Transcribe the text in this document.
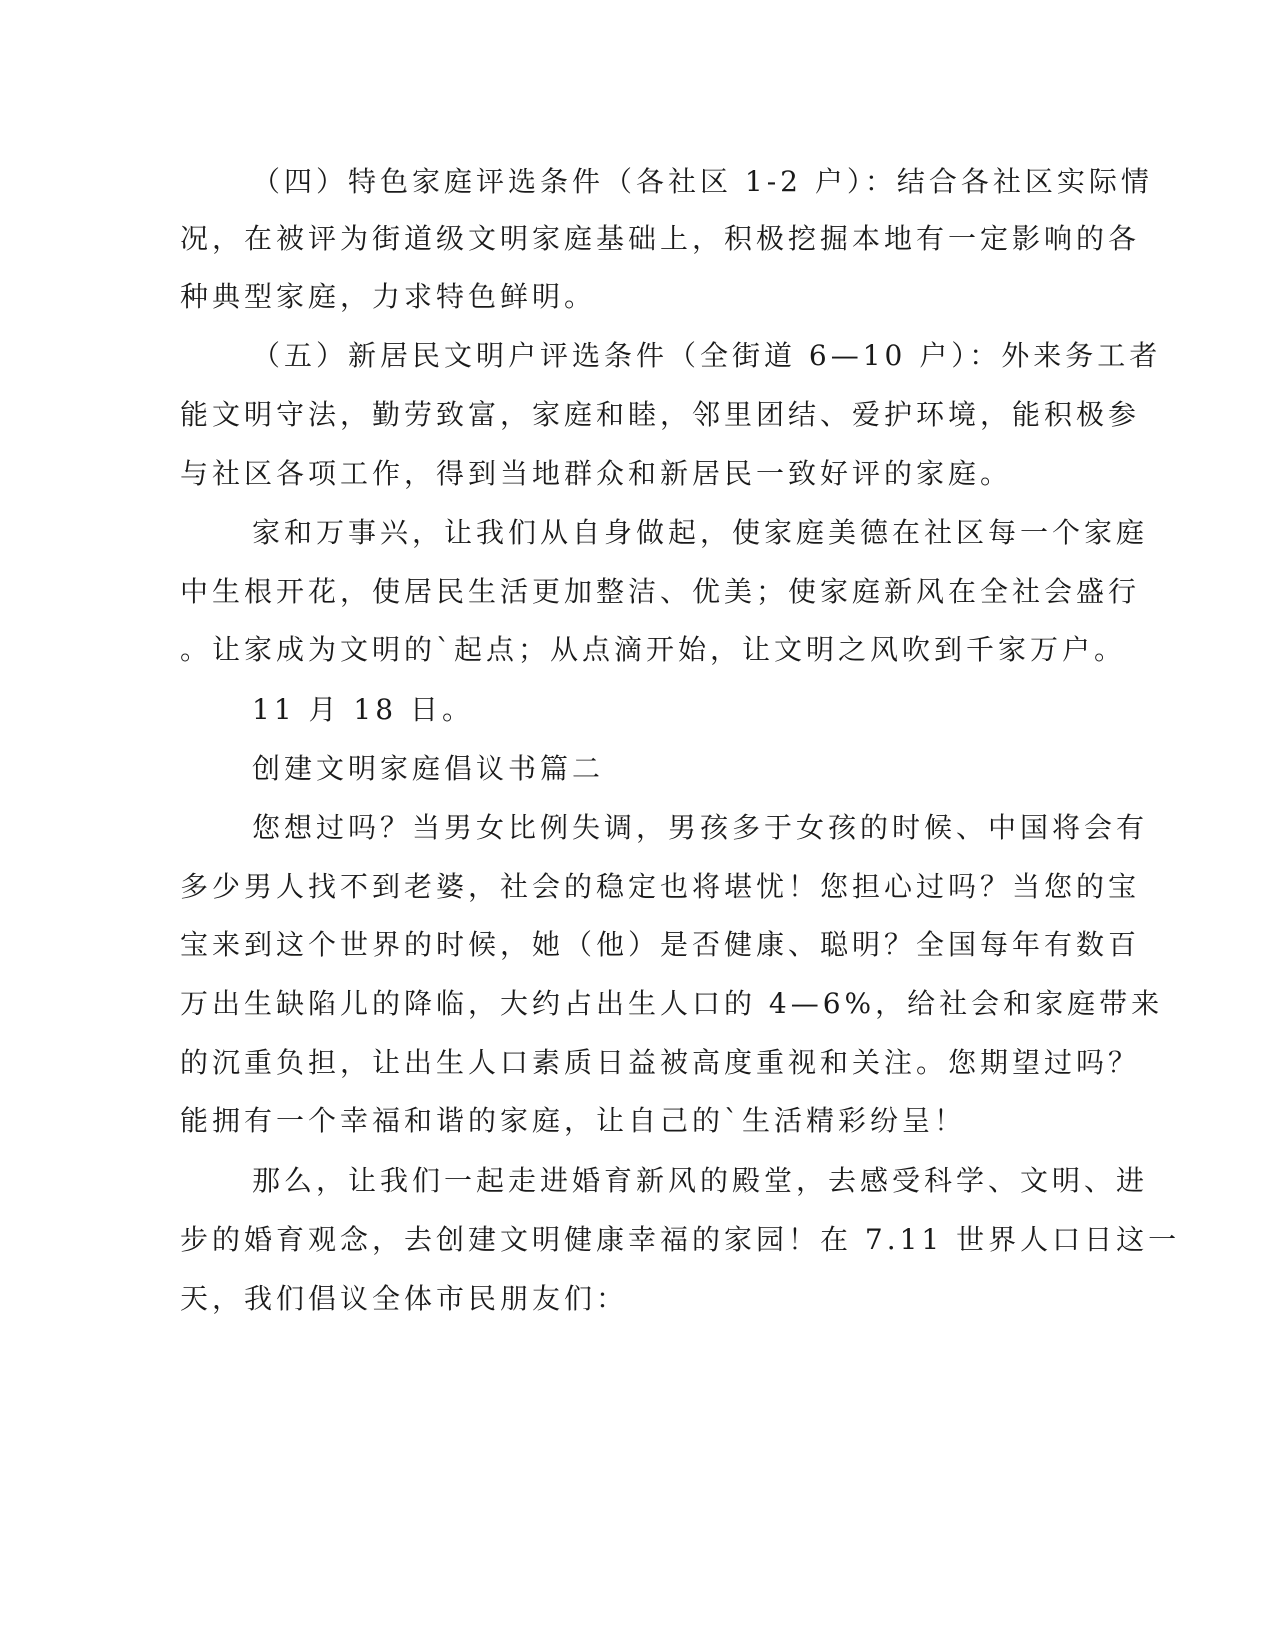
（四）特色家庭评选条件（各社区 1-2 户）：结合各社区实际情
况，在被评为街道级文明家庭基础上，积极挖掘本地有一定影响的各
种典型家庭，力求特色鲜明。
（五）新居民文明户评选条件（全街道 6—10 户）：外来务工者
能文明守法，勤劳致富，家庭和睦，邻里团结、爱护环境，能积极参
与社区各项工作，得到当地群众和新居民一致好评的家庭。
家和万事兴，让我们从自身做起，使家庭美德在社区每一个家庭
中生根开花，使居民生活更加整洁、优美；使家庭新风在全社会盛行
。让家成为文明的`起点；从点滴开始，让文明之风吹到千家万户。
11 月 18 日。
创建文明家庭倡议书篇二
您想过吗？当男女比例失调，男孩多于女孩的时候、中国将会有
多少男人找不到老婆，社会的稳定也将堪忧！您担心过吗？当您的宝
宝来到这个世界的时候，她（他）是否健康、聪明？全国每年有数百
万出生缺陷儿的降临，大约占出生人口的 4—6%，给社会和家庭带来
的沉重负担，让出生人口素质日益被高度重视和关注。您期望过吗？
能拥有一个幸福和谐的家庭，让自己的`生活精彩纷呈！
那么，让我们一起走进婚育新风的殿堂，去感受科学、文明、进
步的婚育观念，去创建文明健康幸福的家园！在 7.11 世界人口日这一
天，我们倡议全体市民朋友们：
